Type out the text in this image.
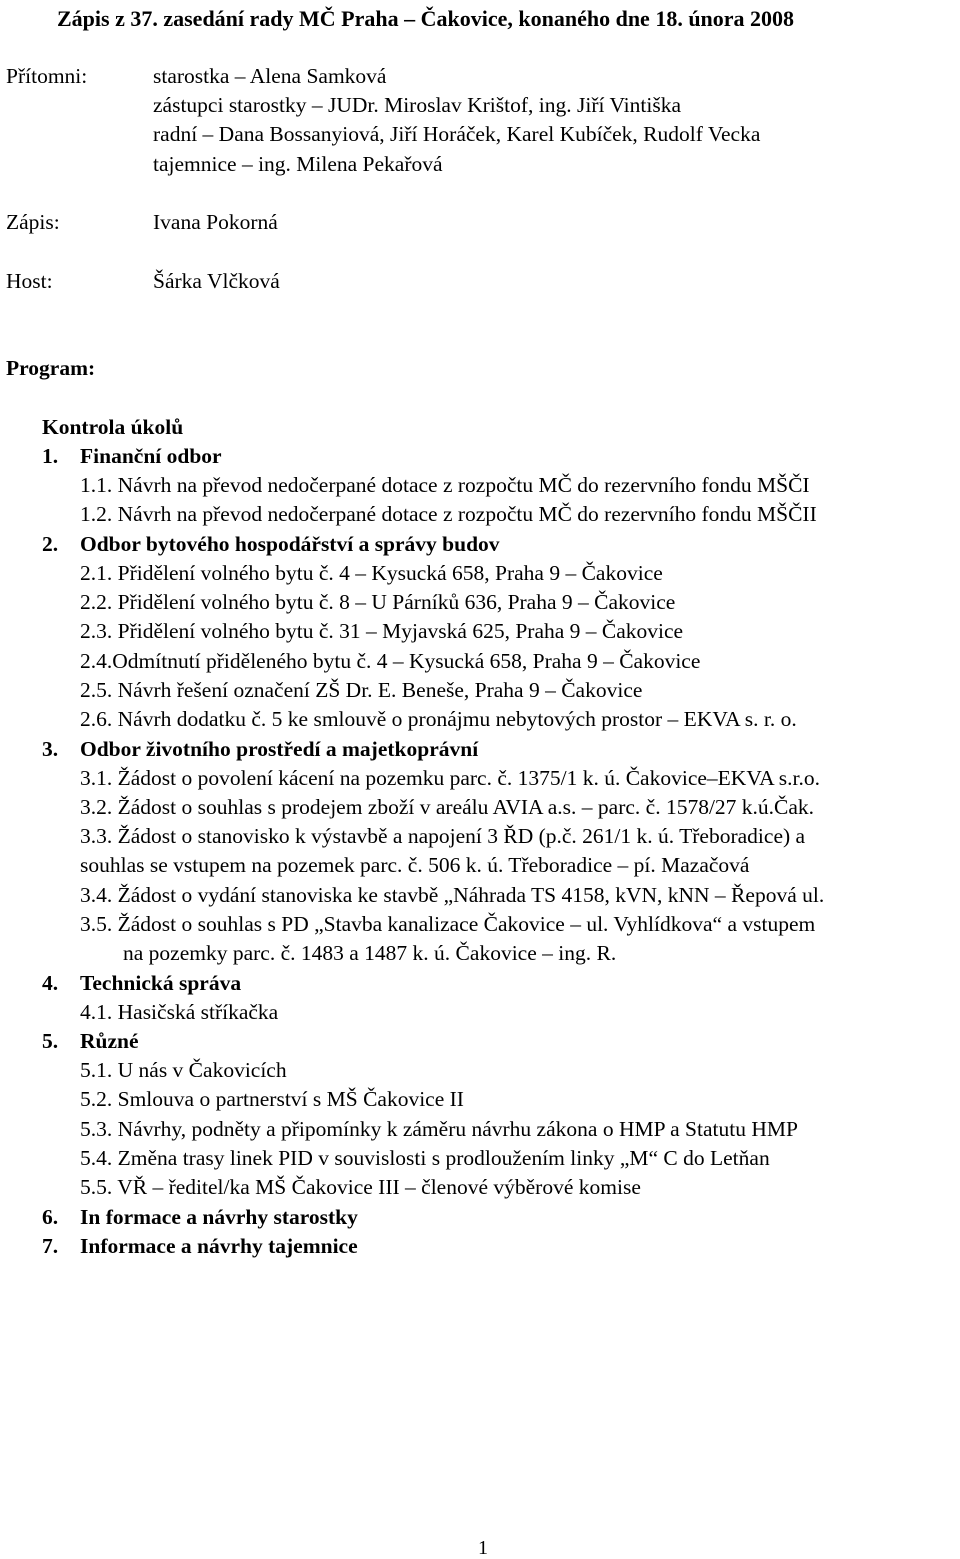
Zápis z 37. zasedání rady MČ Praha – Čakovice, konaného dne 18. února 2008
Přítomni:	starostka – Alena Samková
zástupci starostky – JUDr. Miroslav Krištof, ing. Jiří Vintiška
radní – Dana Bossanyiová, Jiří Horáček, Karel Kubíček, Rudolf Vecka
tajemnice – ing. Milena Pekařová
Zápis:	Ivana Pokorná
Host:	Šárka Vlčková
Program:
Kontrola úkolů
1. Finanční odbor
1.1. Návrh na převod nedočerpané dotace z rozpočtu MČ do rezervního fondu MŠČI
1.2. Návrh na převod nedočerpané dotace z rozpočtu MČ do rezervního fondu MŠČII
2. Odbor bytového hospodářství a správy budov
2.1. Přidělení volného bytu č. 4 – Kysucká 658, Praha 9 – Čakovice
2.2. Přidělení volného bytu č. 8 – U Párníků 636, Praha 9 – Čakovice
2.3. Přidělení volného bytu č. 31 – Myjavská 625, Praha 9 – Čakovice
2.4.Odmítnutí přiděleného bytu č. 4 – Kysucká 658, Praha 9 – Čakovice
2.5. Návrh řešení označení ZŠ Dr. E. Beneše, Praha 9 – Čakovice
2.6. Návrh dodatku č. 5 ke smlouvě o pronájmu nebytových prostor – EKVA s. r. o.
3. Odbor životního prostředí a majetkoprávní
3.1. Žádost o povolení kácení na pozemku parc. č. 1375/1 k. ú. Čakovice–EKVA s.r.o.
3.2. Žádost o souhlas s prodejem zboží v areálu AVIA a.s. – parc. č. 1578/27 k.ú.Čak.
3.3. Žádost o stanovisko k výstavbě a napojení 3 ŘD (p.č. 261/1 k. ú. Třeboradice) a
souhlas se vstupem na pozemek parc. č. 506 k. ú. Třeboradice – pí. Mazačová
3.4. Žádost o vydání stanoviska ke stavbě „Náhrada TS 4158, kVN, kNN – Řepová ul.
3.5. Žádost o souhlas s PD „Stavba kanalizace Čakovice – ul. Vyhlídkova“ a vstupem
na pozemky parc. č. 1483 a 1487 k. ú. Čakovice – ing. R.
4. Technická správa
4.1. Hasičská stříkačka
5. Různé
5.1. U nás v Čakovicích
5.2. Smlouva o partnerství s MŠ Čakovice II
5.3. Návrhy, podněty a připomínky k záměru návrhu zákona o HMP a Statutu HMP
5.4. Změna trasy linek PID v souvislosti s prodloužením linky „M“ C do Letňan
5.5. VŘ – ředitel/ka MŠ Čakovice III – členové výběrové komise
6. In formace a návrhy starostky
7. Informace a návrhy tajemnice
1
